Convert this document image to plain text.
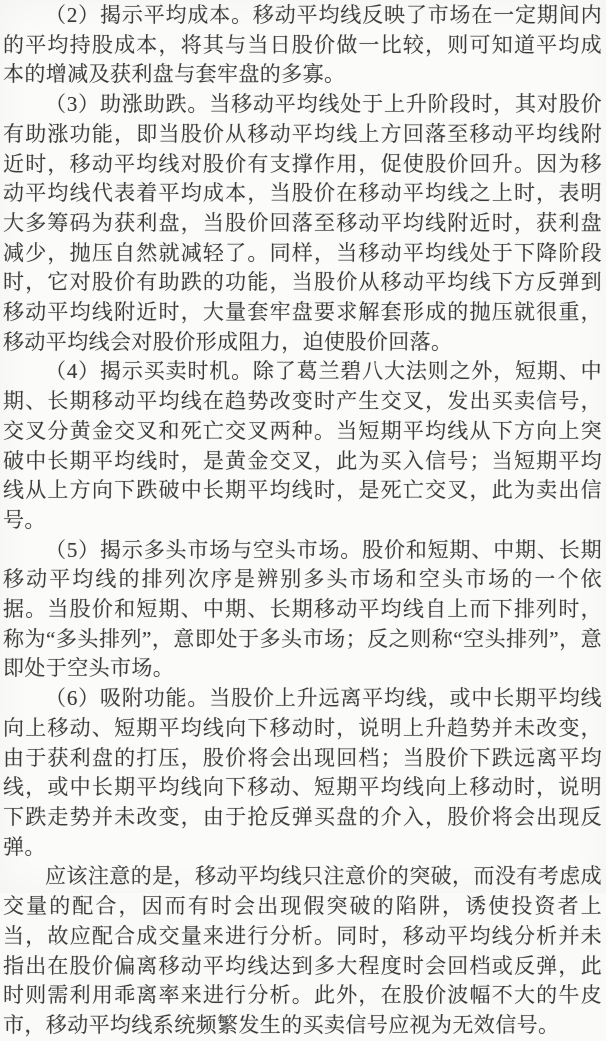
（2）揭示平均成本。移动平均线反映了市场在一定期间内的平均持股成本，将其与当日股价做一比较，则可知道平均成本的增减及获利盘与套牢盘的多寡。

（3）助涨助跌。当移动平均线处于上升阶段时，其对股价有助涨功能，即当股价从移动平均线上方回落至移动平均线附近时，移动平均线对股价有支撑作用，促使股价回升。因为移动平均线代表着平均成本，当股价在移动平均线之上时，表明大多筹码为获利盘，当股价回落至移动平均线附近时，获利盘减少，抛压自然就减轻了。同样，当移动平均线处于下降阶段时，它对股价有助跌的功能，当股价从移动平均线下方反弹到移动平均线附近时，大量套牢盘要求解套形成的抛压就很重，移动平均线会对股价形成阻力，迫使股价回落。

（4）揭示买卖时机。除了葛兰碧八大法则之外，短期、中期、长期移动平均线在趋势改变时产生交叉，发出买卖信号，交叉分黄金交叉和死亡交叉两种。当短期平均线从下方向上突破中长期平均线时，是黄金交叉，此为买入信号；当短期平均线从上方向下跌破中长期平均线时，是死亡交叉，此为卖出信号。

（5）揭示多头市场与空头市场。股价和短期、中期、长期移动平均线的排列次序是辨别多头市场和空头市场的一个依据。当股价和短期、中期、长期移动平均线自上而下排列时，称为“多头排列”，意即处于多头市场；反之则称“空头排列”，意即处于空头市场。

（6）吸附功能。当股价上升远离平均线，或中长期平均线向上移动、短期平均线向下移动时，说明上升趋势并未改变，由于获利盘的打压，股价将会出现回档；当股价下跌远离平均线，或中长期平均线向下移动、短期平均线向上移动时，说明下跌走势并未改变，由于抢反弹买盘的介入，股价将会出现反弹。

应该注意的是，移动平均线只注意价的突破，而没有考虑成交量的配合，因而有时会出现假突破的陷阱，诱使投资者上当，故应配合成交量来进行分析。同时，移动平均线分析并未指出在股价偏离移动平均线达到多大程度时会回档或反弹，此时则需利用乖离率来进行分析。此外，在股价波幅不大的牛皮市，移动平均线系统频繁发生的买卖信号应视为无效信号。
